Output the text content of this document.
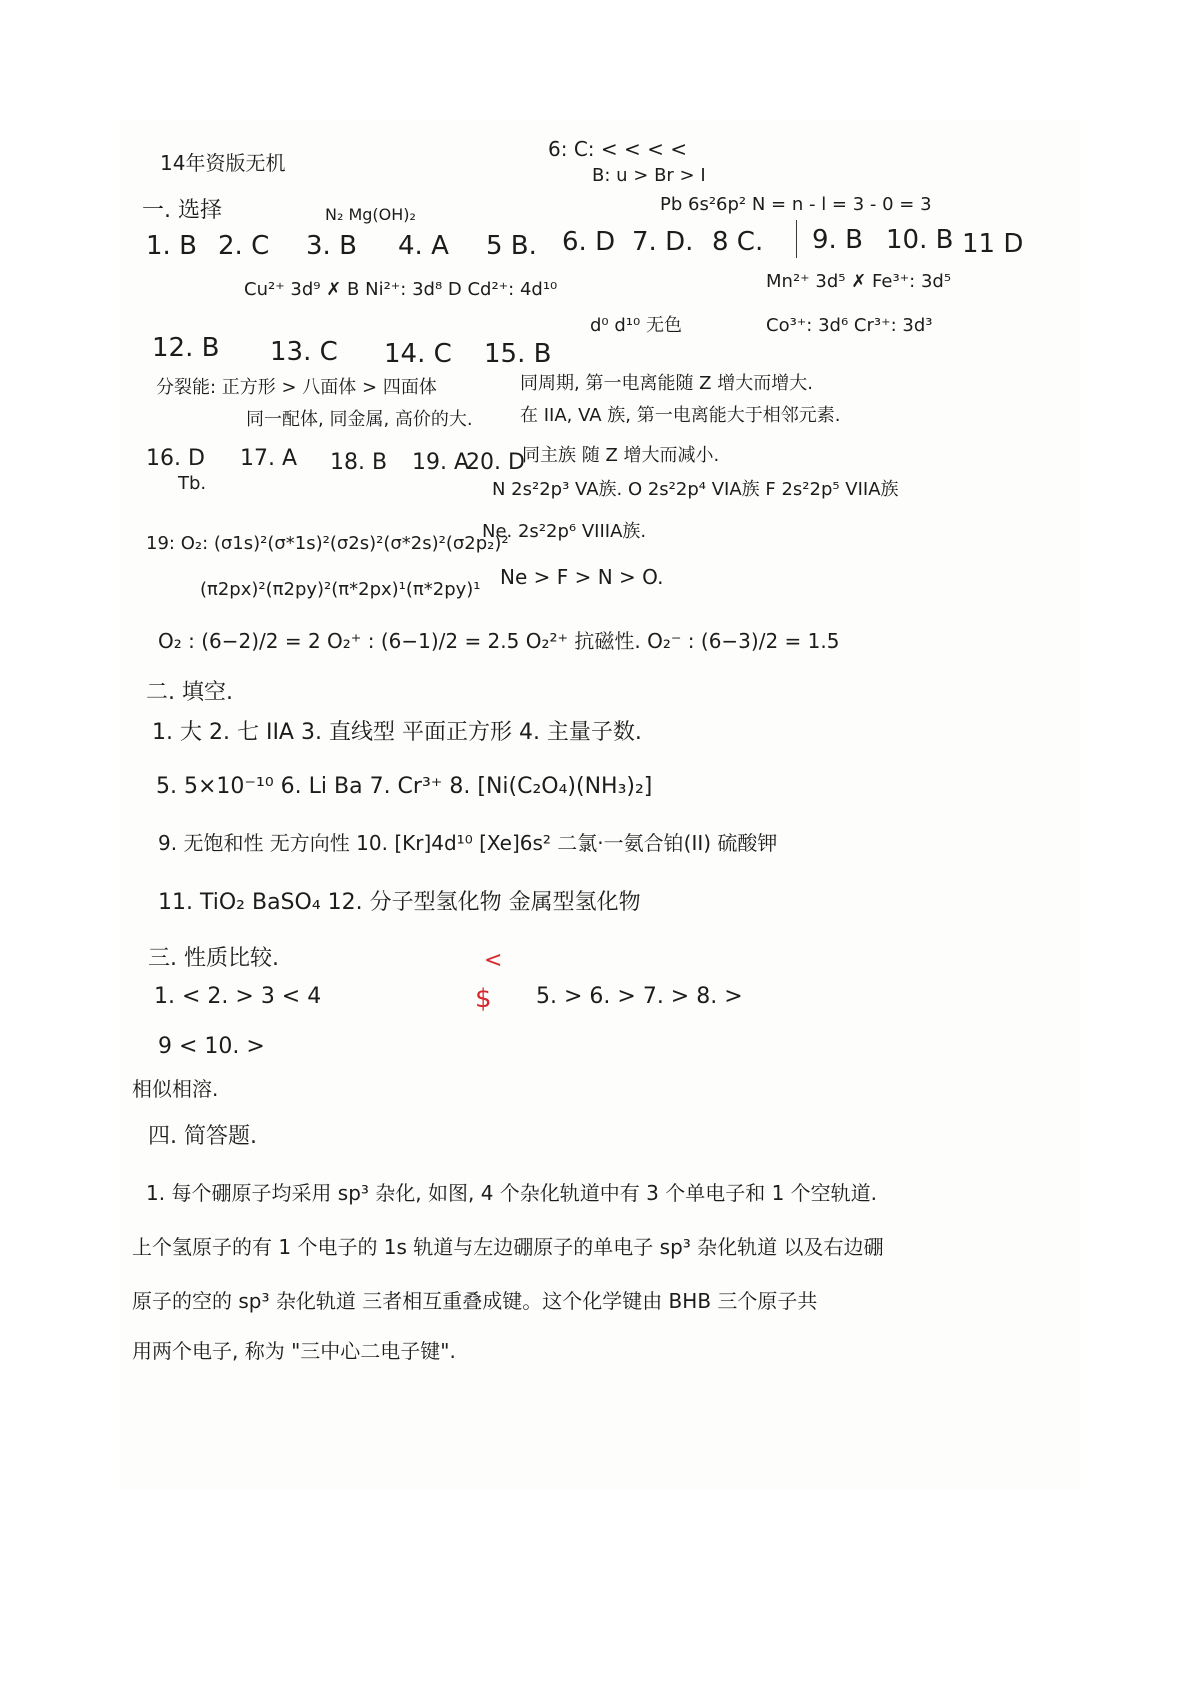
14年资版无机
6: C: < < < <
B: u > Br > I
Pb 6s²6p² N = n - l = 3 - 0 = 3
一. 选择	N₂ Mg(OH)₂
1. B 2. C 3. B 4. A 5 B. 6. D 7. D. 8 C. 9. B 10. B 11 D
Cu²⁺ 3d⁹ ✗ B Ni²⁺: 3d⁸ D Cd²⁺: 4d¹⁰	Mn²⁺ 3d⁵ ✗ Fe³⁺: 3d⁵
d⁰ d¹⁰ 无色	Co³⁺: 3d⁶ Cr³⁺: 3d³
12. B 13. C 14. C 15. B
分裂能: 正方形 > 八面体 > 四面体
同一配体, 同金属, 高价的大.
同周期, 第一电离能随 Z 增大而增大.
在 IIA, VA 族, 第一电离能大于相邻元素.
16. D
Tb.
17. A 18. B 19. A
20. D
同主族 随 Z 增大而减小.
N 2s²2p³ VA族. O 2s²2p⁴ VIA族 F 2s²2p⁵ VIIA族
Ne. 2s²2p⁶ VIIIA族.
Ne > F > N > O.
19: O₂: (σ1s)²(σ*1s)²(σ2s)²(σ*2s)²(σ2p₂)²
(π2px)²(π2py)²(π*2px)¹(π*2py)¹
O₂ : (6−2)/2 = 2 O₂⁺ : (6−1)/2 = 2.5 O₂²⁺ 抗磁性. O₂⁻ : (6−3)/2 = 1.5
二. 填空.
1. 大 2. 七 IIA 3. 直线型 平面正方形 4. 主量子数.
5. 5×10⁻¹⁰ 6. Li Ba 7. Cr³⁺ 8. [Ni(C₂O₄)(NH₃)₂]
9. 无饱和性 无方向性 10. [Kr]4d¹⁰ [Xe]6s² 二氯·一氨合铂(II) 硫酸钾
11. TiO₂ BaSO₄ 12. 分子型氢化物 金属型氢化物
三. 性质比较.
1. < 2. > 3 < 4	$
<
5. > 6. > 7. > 8. >
9 < 10. >
相似相溶.
四. 简答题.
1. 每个硼原子均采用 sp³ 杂化, 如图, 4 个杂化轨道中有 3 个单电子和 1 个空轨道.
上个氢原子的有 1 个电子的 1s 轨道与左边硼原子的单电子 sp³ 杂化轨道 以及右边硼
原子的空的 sp³ 杂化轨道 三者相互重叠成键。这个化学键由 BHB 三个原子共
用两个电子, 称为 "三中心二电子键".
